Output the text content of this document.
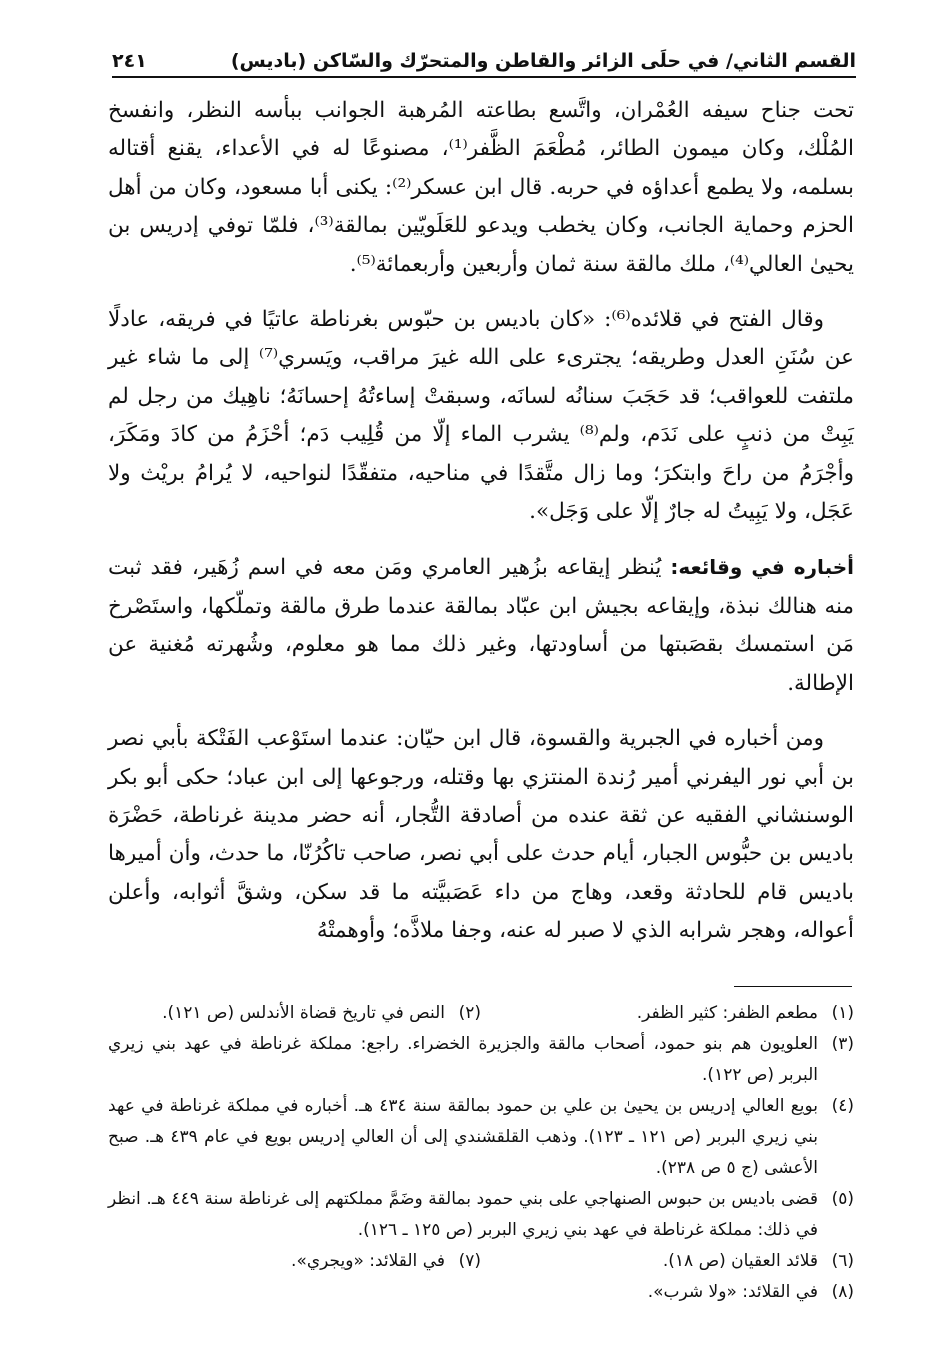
القسم الثاني/ في حلَى الزائر والقاطن والمتحرّك والسّاكن (باديس)
٢٤١

تحت جناح سيفه العُمْران، واتَّسع بطاعته المُرهبة الجوانب ببأسه النظر، وانفسخ المُلْك، وكان ميمون الطائر، مُطْعَمَ الظَّفر⁽¹⁾، مصنوعًا له في الأعداء، يقنع أقتاله بسلمه، ولا يطمع أعداؤه في حربه. قال ابن عسكر⁽²⁾: يكنى أبا مسعود، وكان من أهل الحزم وحماية الجانب، وكان يخطب ويدعو للعَلَويّين بمالقة⁽³⁾، فلمّا توفي إدريس بن يحيىٰ العالي⁽⁴⁾، ملك مالقة سنة ثمان وأربعين وأربعمائة⁽⁵⁾.

وقال الفتح في قلائده⁽⁶⁾: «كان باديس بن حبّوس بغرناطة عاتيًا في فريقه، عادلًا عن سُنَنِ العدل وطريقه؛ يجترىء على الله غيرَ مراقب، ويَسري⁽⁷⁾ إلى ما شاء غير ملتفت للعواقب؛ قد حَجَبَ سنانُه لسانَه، وسبقتْ إساءتُهُ إحسانَهُ؛ ناهِيك من رجل لم يَبِتْ من ذنبٍ على نَدَم، ولم⁽⁸⁾ يشرب الماء إلّا من قُلِيب دَم؛ أحْزَمُ من كادَ ومَكَرَ، وأجْرَمُ من راحَ وابتكرَ؛ وما زال متَّقدًا في مناحيه، متفقّدًا لنواحيه، لا يُرامُ بريْث ولا عَجَل، ولا يَبِيتُ له جارٌ إلّا على وَجَل».

أخباره في وقائعه: يُنظر إيقاعه بزُهير العامري ومَن معه في اسم زُهَير، فقد ثبت منه هنالك نبذة، وإيقاعه بجيش ابن عبّاد بمالقة عندما طرق مالقة وتملّكها، واستَصْرخ مَن استمسك بقصَبتها من أساودتها، وغير ذلك مما هو معلوم، وشُهرته مُغنية عن الإطالة.

ومن أخباره في الجبرية والقسوة، قال ابن حيّان: عندما استَوْعب الفَتْكة بأبي نصر بن أبي نور اليفرني أمير رُندة المنتزي بها وقتله، ورجوعها إلى ابن عباد؛ حكى أبو بكر الوسنشاني الفقيه عن ثقة عنده من أصادقة التُّجار، أنه حضر مدينة غرناطة، حَضْرَة باديس بن حبُّوس الجبار، أيام حدث على أبي نصر، صاحب تاكُرُنّا، ما حدث، وأن أميرها باديس قام للحادثة وقعد، وهاج من داء عَصَبيَّته ما قد سكن، وشقَّ أثوابه، وأعلن أعواله، وهجر شرابه الذي لا صبر له عنه، وجفا ملاذَّه؛ وأوهمتْهُ

(١)
مطعم الظفر: كثير الظفر.
(٢)
النص في تاريخ قضاة الأندلس (ص ١٢١).
(٣)
العلويون هم بنو حمود، أصحاب مالقة والجزيرة الخضراء. راجع: مملكة غرناطة في عهد بني زيري البربر (ص ١٢٢).
(٤)
بويع العالي إدريس بن يحيىٰ بن علي بن حمود بمالقة سنة ٤٣٤ هـ. أخباره في مملكة غرناطة في عهد بني زيري البربر (ص ١٢١ ـ ١٢٣). وذهب القلقشندي إلى أن العالي إدريس بويع في عام ٤٣٩ هـ. صبح الأعشى (ج ٥ ص ٢٣٨).
(٥)
قضى باديس بن حبوس الصنهاجي على بني حمود بمالقة وضَمَّ مملكتهم إلى غرناطة سنة ٤٤٩ هـ. انظر في ذلك: مملكة غرناطة في عهد بني زيري البربر (ص ١٢٥ ـ ١٢٦).
(٦)
قلائد العقيان (ص ١٨).
(٧)
في القلائد: «ويجري».
(٨)
في القلائد: «ولا شرب».
